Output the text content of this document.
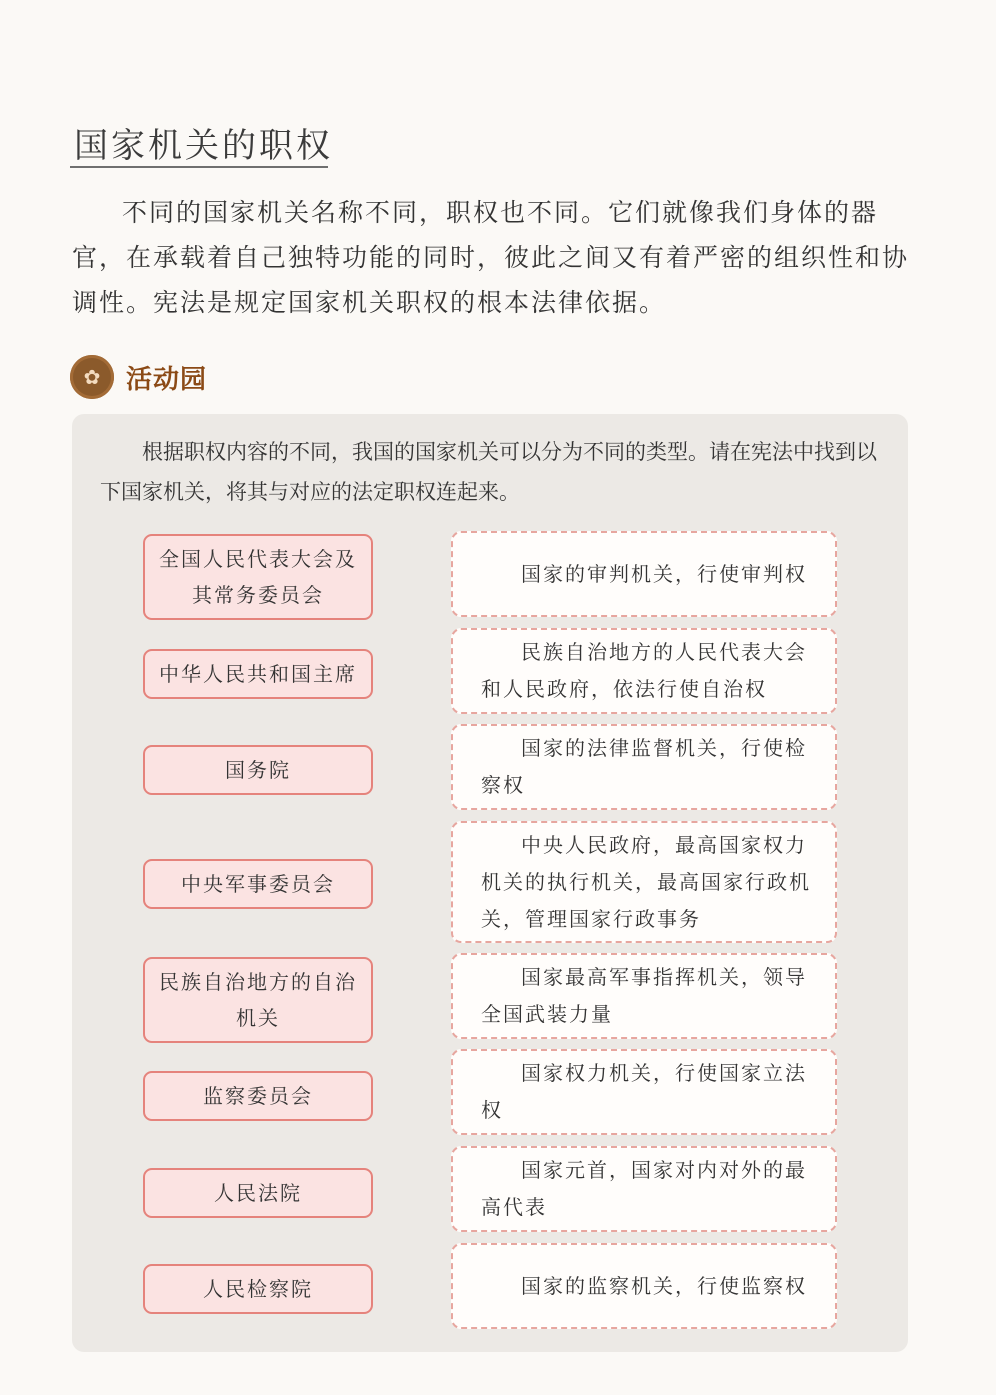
国家机关的职权

不同的国家机关名称不同，职权也不同。它们就像我们身体的器官，在承载着自己独特功能的同时，彼此之间又有着严密的组织性和协调性。宪法是规定国家机关职权的根本法律依据。

✿ 活动园

根据职权内容的不同，我国的国家机关可以分为不同的类型。请在宪法中找到以下国家机关，将其与对应的法定职权连起来。

全国人民代表大会及其常务委员会
中华人民共和国主席
国务院
中央军事委员会
民族自治地方的自治机关
监察委员会
人民法院
人民检察院
国家的审判机关，行使审判权
民族自治地方的人民代表大会和人民政府，依法行使自治权
国家的法律监督机关，行使检察权
中央人民政府，最高国家权力机关的执行机关，最高国家行政机关，管理国家行政事务
国家最高军事指挥机关，领导全国武装力量
国家权力机关，行使国家立法权
国家元首，国家对内对外的最高代表
国家的监察机关，行使监察权
